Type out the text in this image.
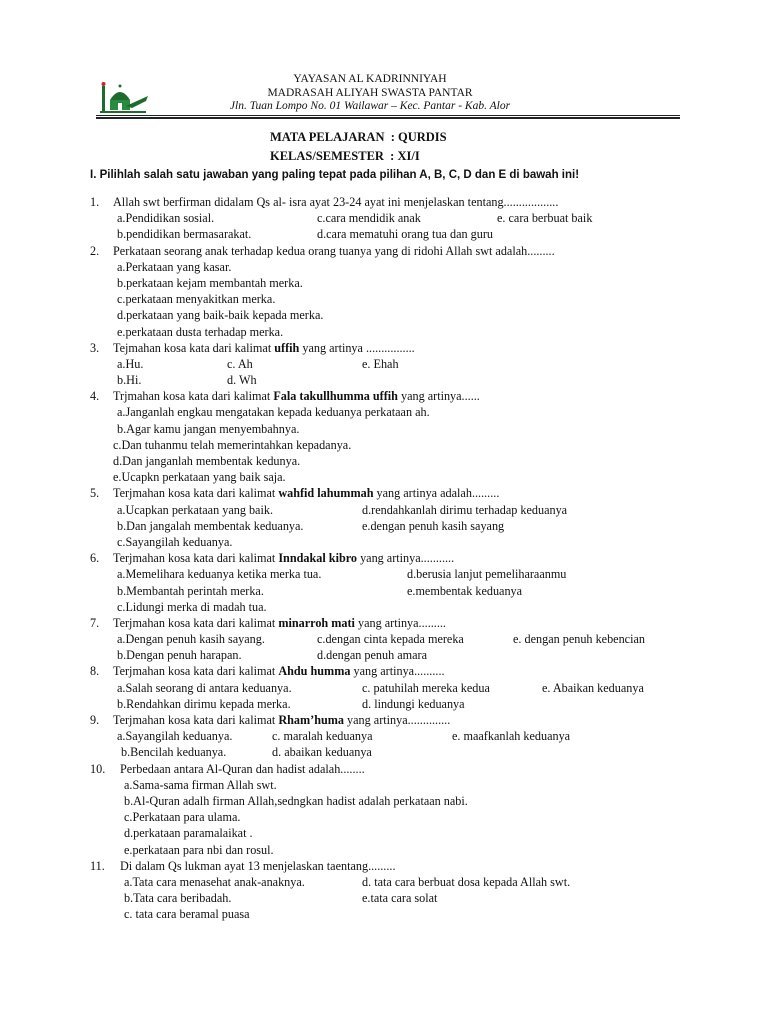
YAYASAN AL KADRINNIYAH
MADRASAH ALIYAH SWASTA PANTAR
Jln. Tuan Lompo No. 01 Wailawar – Kec. Pantar - Kab. Alor
MATA PELAJARAN  : QURDIS
KELAS/SEMESTER  : XI/I
I. Pilihlah salah satu jawaban yang paling tepat pada pilihan A, B, C, D dan E di bawah ini!
1. Allah swt berfirman didalam Qs al- isra ayat 23-24 ayat ini menjelaskan tentang..................
a.Pendidikan sosial.	c.cara mendidik anak	e. cara berbuat baik
b.pendidikan bermasarakat.	d.cara mematuhi orang tua dan guru
2. Perkataan seorang anak terhadap kedua orang tuanya yang di ridohi Allah swt adalah.........
a.Perkataan yang kasar.
b.perkataan kejam membantah merka.
c.perkataan menyakitkan merka.
d.perkataan yang baik-baik kepada merka.
e.perkataan dusta terhadap merka.
3. Tejmahan kosa kata dari kalimat uffih yang artinya ................
a.Hu.	c. Ah	e. Ehah
b.Hi.	d. Wh
4. Trjmahan kosa kata dari kalimat Fala takullhumma uffih yang artinya......
a.Janganlah engkau mengatakan kepada keduanya perkataan ah.
b.Agar kamu jangan menyembahnya.
c.Dan tuhanmu telah memerintahkan kepadanya.
d.Dan janganlah membentak kedunya.
e.Ucapkn perkataan yang baik saja.
5. Terjmahan kosa kata dari kalimat wahfid lahummah yang artinya adalah.........
a.Ucapkan perkataan yang baik.	d.rendahkanlah dirimu terhadap keduanya
b.Dan jangalah membentak keduanya.	e.dengan penuh kasih sayang
c.Sayangilah keduanya.
6. Terjmahan kosa kata dari kalimat Inndakal kibro yang artinya...........
a.Memelihara keduanya ketika merka tua.	d.berusia lanjut pemeliharaanmu
b.Membantah perintah merka.	e.membentak keduanya
c.Lidungi merka di madah tua.
7. Terjmahan kosa kata dari kalimat minarroh mati yang artinya.........
a.Dengan penuh kasih sayang.	c.dengan cinta kepada mereka	e. dengan penuh kebencian
b.Dengan penuh harapan.	d.dengan penuh amara
8. Terjmahan kosa kata dari kalimat Ahdu humma yang artinya..........
a.Salah seorang di antara keduanya.	c. patuhilah mereka kedua	e. Abaikan keduanya
b.Rendahkan dirimu kepada merka.	d. lindungi keduanya
9. Terjmahan kosa kata dari kalimat Rham’huma yang artinya..............
a.Sayangilah keduanya.	c. maralah keduanya	e. maafkanlah keduanya
b.Bencilah keduanya.	d. abaikan keduanya
10. Perbedaan antara Al-Quran dan hadist adalah........
a.Sama-sama firman Allah swt.
b.Al-Quran adalh firman Allah,sedngkan hadist adalah perkataan nabi.
c.Perkataan para ulama.
d.perkataan paramalaikat .
e.perkataan para nbi dan rosul.
11. Di dalam Qs lukman ayat 13 menjelaskan taentang.........
a.Tata cara menasehat anak-anaknya.	d. tata cara berbuat dosa kepada Allah swt.
b.Tata cara beribadah.	e.tata cara solat
c. tata cara beramal puasa
